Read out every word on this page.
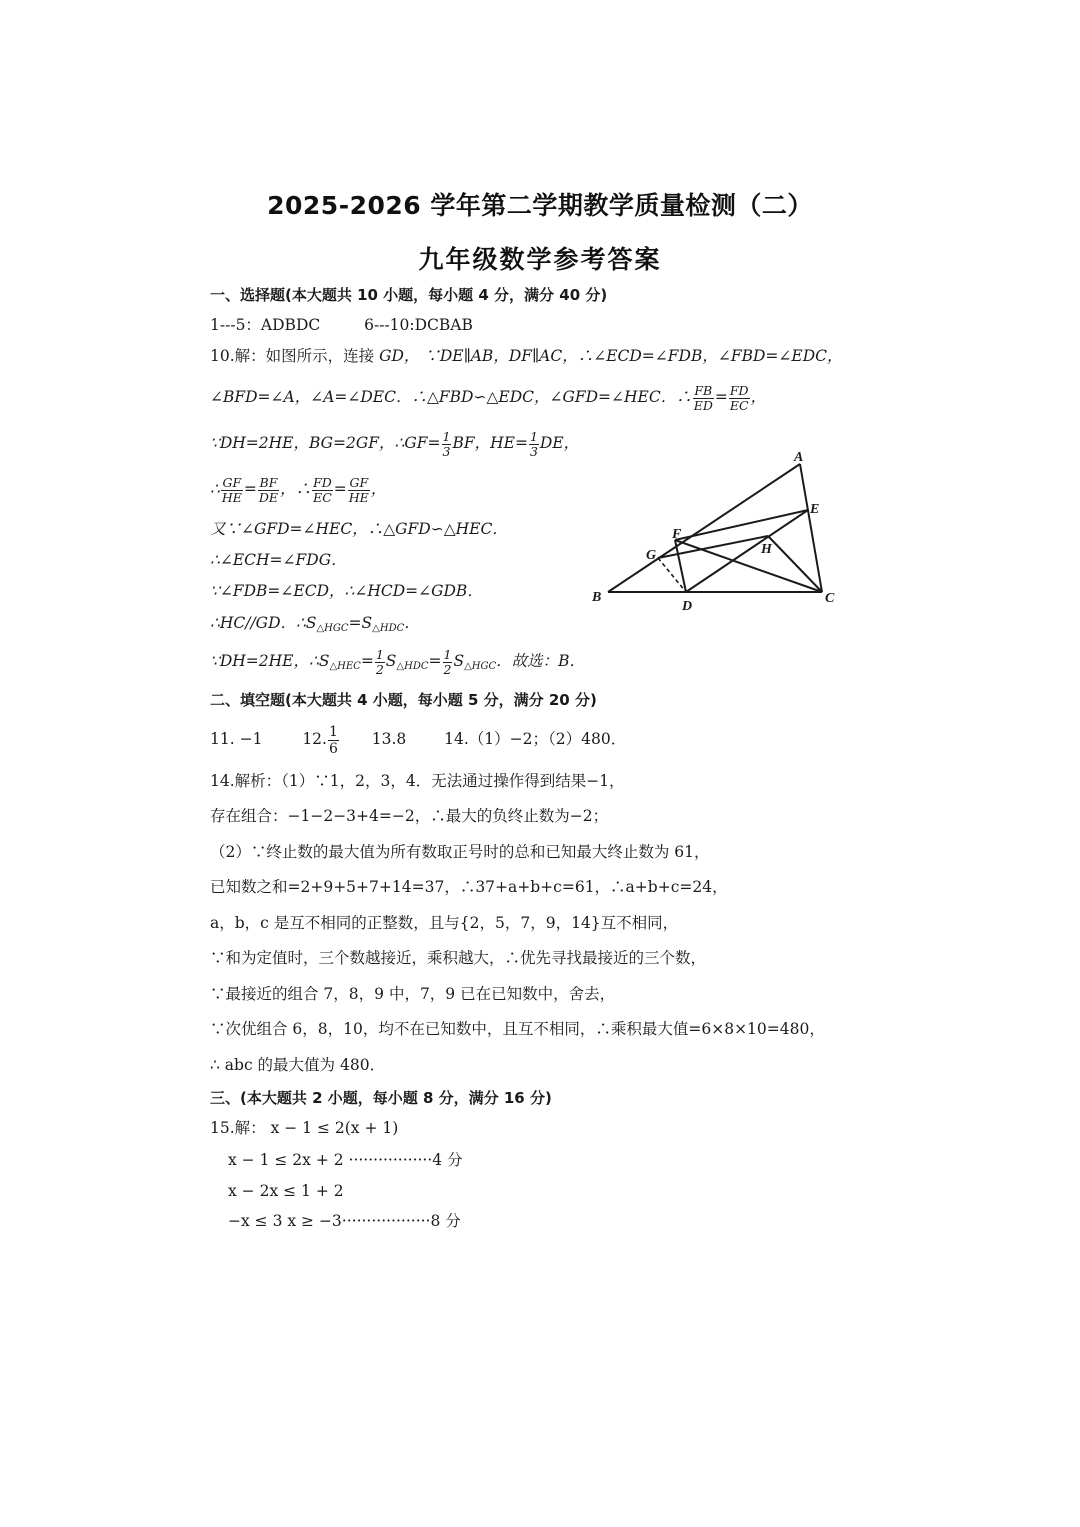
2025-2026 学年第二学期教学质量检测（二）
九年级数学参考答案
一、选择题(本大题共 10 小题，每小题 4 分，满分 40 分)
1---5：ADBDC	6---10:DCBAB
10.解：如图所示，连接 GD， ∵DE∥AB，DF∥AC，∴∠ECD=∠FDB，∠FBD=∠EDC，
∠BFD=∠A，∠A=∠DEC．∴△FBD∽△EDC，∠GFD=∠HEC．∴ $\frac{FB}{ED} = \frac{FD}{EC}$ ，
∵DH=2HE，BG=2GF，∴GF= $\frac{1}{3}$ BF，$HE= \frac{1}{3}$ DE，
∴ $\frac{GF}{HE} = \frac{BF}{DE}$ ，∴ $\frac{FD}{EC} = \frac{GF}{HE}$ ，
又∵∠GFD=∠HEC，∴△GFD∽△HEC．
∴∠ECH=∠FDG．
∵∠FDB=∠ECD，∴∠HCD=∠GDB．
∴HC//GD．$\therefore S_{\triangle HGC}=S_{\triangle HDC}$．
∵DH=2HE，$\therefore S_{\triangle HEC}= \frac{1}{2} S_{\triangle HDC}= \frac{1}{2} S_{\triangle HGC}$．故选：B．
A
E
F
G	H
B
D
C
二、填空题(本大题共 4 小题，每小题 5 分，满分 20 分)
11. −1	12. $\frac{1}{6} 13.8$ 14.（1）−2；（2）480．
14.解析：（1）∵1，2，3，4．无法通过操作得到结果−1，
存在组合：−1−2−3+4=−2，∴最大的负终止数为−2；
（2）∵终止数的最大值为所有数取正号时的总和已知最大终止数为 61，
已知数之和=2+9+5+7+14=37，∴37+a+b+c=61，∴a+b+c=24，
a，b，c 是互不相同的正整数，且与{2，5，7，9，14}互不相同，
∵和为定值时，三个数越接近，乘积越大，∴优先寻找最接近的三个数，
∵最接近的组合 7，8，9 中，7，9 已在已知数中，舍去，
∵次优组合 6，8，10，均不在已知数中，且互不相同，∴乘积最大值=6×8×10=480，
∴ abc 的最大值为 480．
三、(本大题共 2 小题，每小题 8 分，满分 16 分)
15.解： x − 1 ≤ 2(x + 1)
x − 1 ≤ 2x + 2 ·················4 分
x − 2x ≤ 1 + 2
−x ≤ 3 x ≥ −3··················8 分
